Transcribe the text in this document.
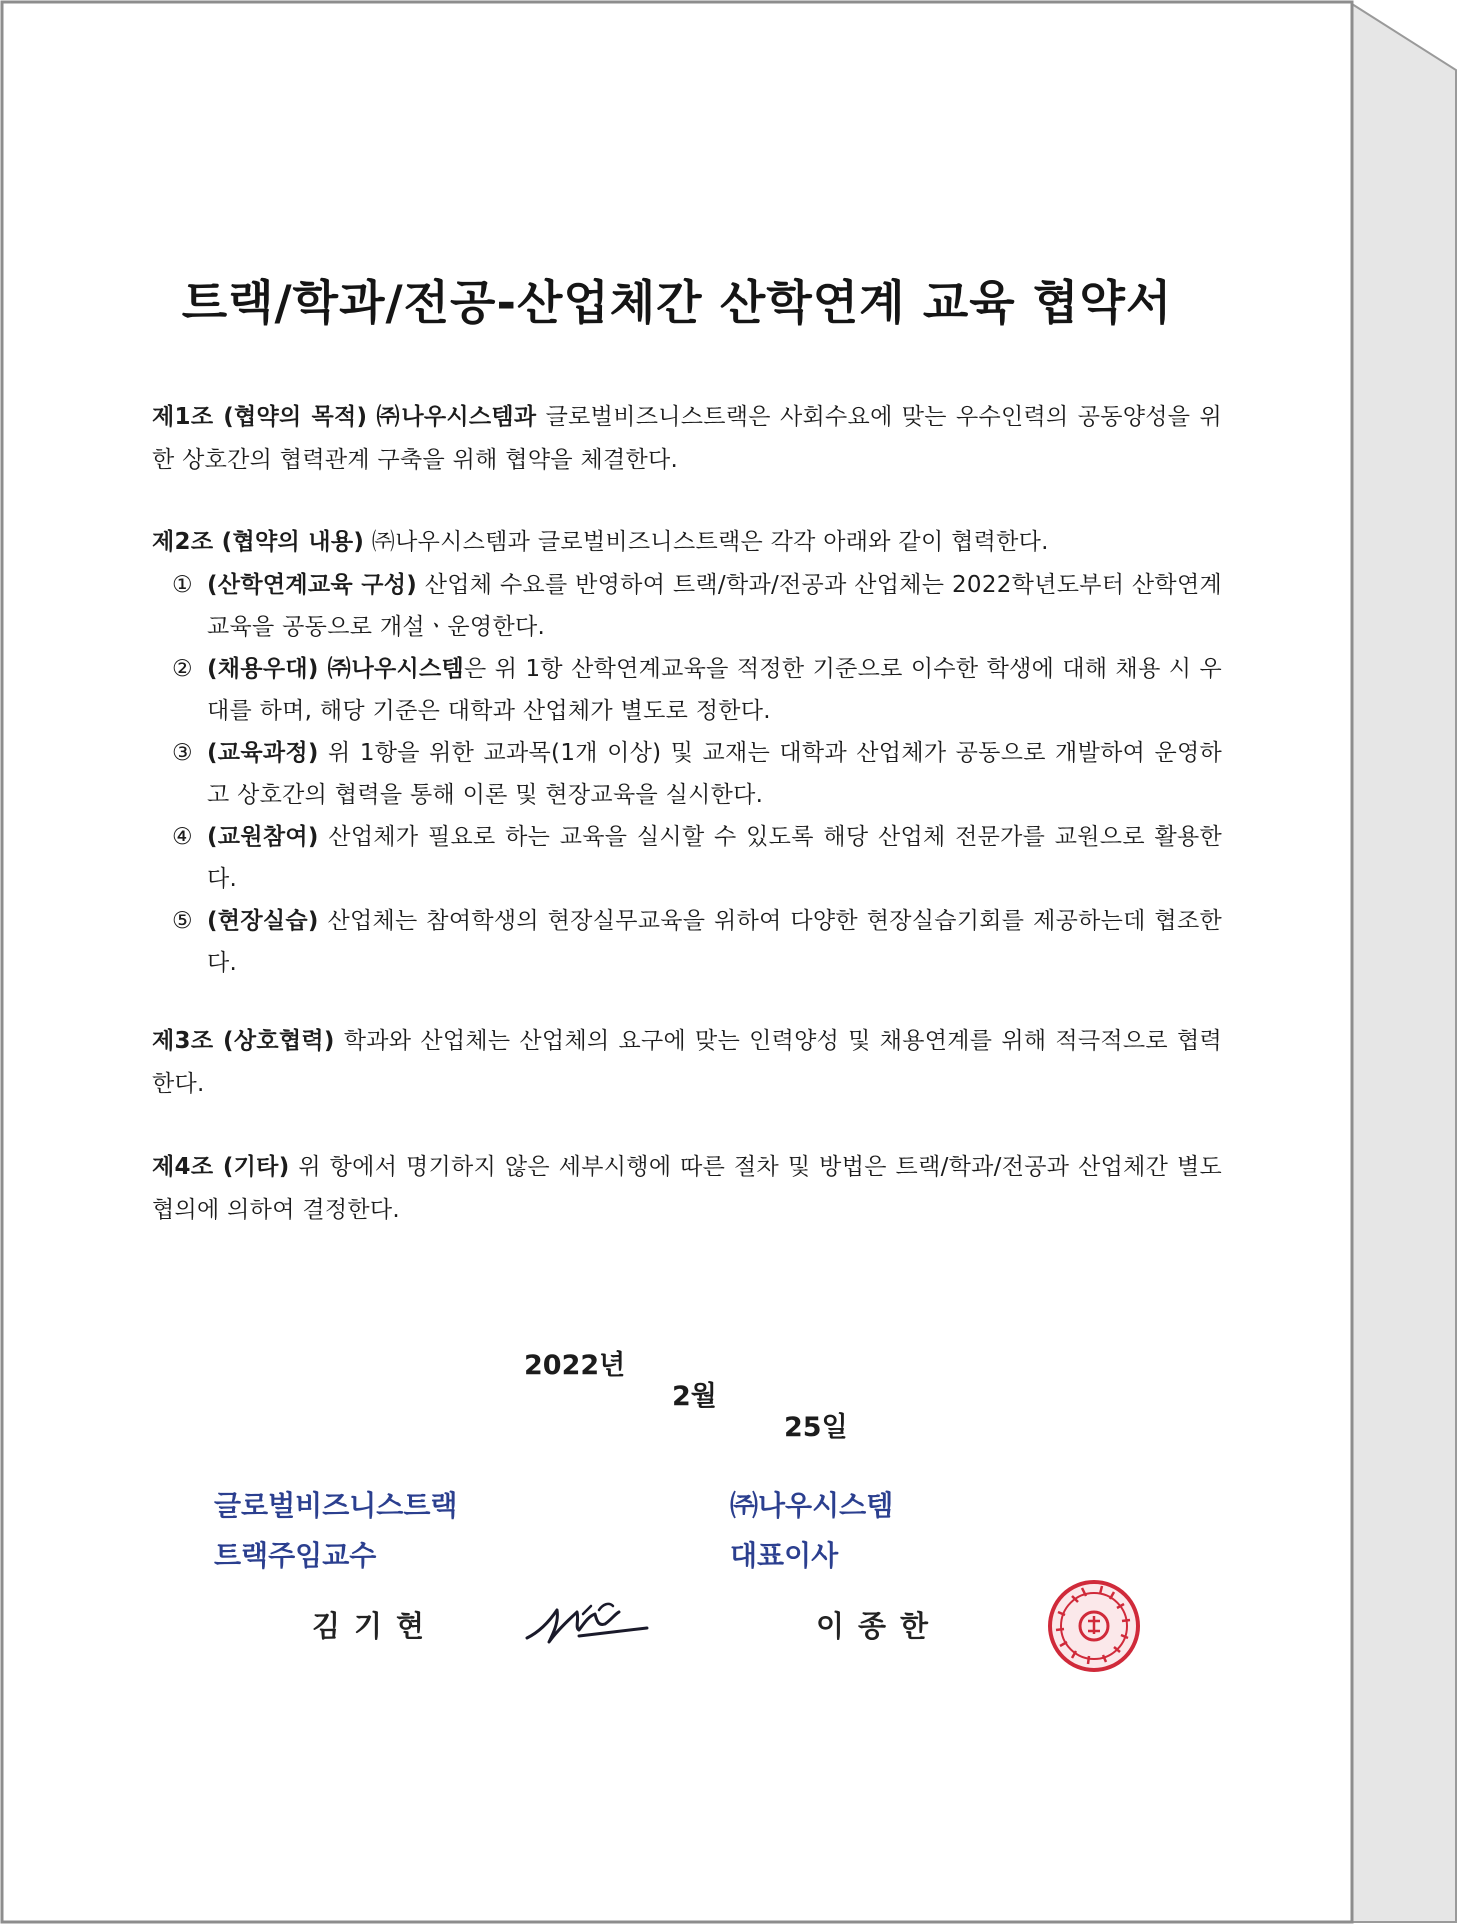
트랙/학과/전공-산업체간 산학연계 교육 협약서
제1조 (협약의 목적) ㈜나우시스템과 글로벌비즈니스트랙은 사회수요에 맞는 우수인력의 공동양성을 위한 상호간의 협력관계 구축을 위해 협약을 체결한다.
제2조 (협약의 내용) ㈜나우시스템과 글로벌비즈니스트랙은 각각 아래와 같이 협력한다.
① (산학연계교육 구성) 산업체 수요를 반영하여 트랙/학과/전공과 산업체는 2022학년도부터 산학연계교육을 공동으로 개설ㆍ운영한다.
② (채용우대) ㈜나우시스템은 위 1항 산학연계교육을 적정한 기준으로 이수한 학생에 대해 채용 시 우대를 하며, 해당 기준은 대학과 산업체가 별도로 정한다.
③ (교육과정) 위 1항을 위한 교과목(1개 이상) 및 교재는 대학과 산업체가 공동으로 개발하여 운영하고 상호간의 협력을 통해 이론 및 현장교육을 실시한다.
④ (교원참여) 산업체가 필요로 하는 교육을 실시할 수 있도록 해당 산업체 전문가를 교원으로 활용한다.
⑤ (현장실습) 산업체는 참여학생의 현장실무교육을 위하여 다양한 현장실습기회를 제공하는데 협조한다.
제3조 (상호협력) 학과와 산업체는 산업체의 요구에 맞는 인력양성 및 채용연계를 위해 적극적으로 협력한다.
제4조 (기타) 위 항에서 명기하지 않은 세부시행에 따른 절차 및 방법은 트랙/학과/전공과 산업체간 별도 협의에 의하여 결정한다.

2022년

2월

25일

글로벌비즈니스트랙
트랙주임교수
김기현
㈜나우시스템
대표이사
이종한
